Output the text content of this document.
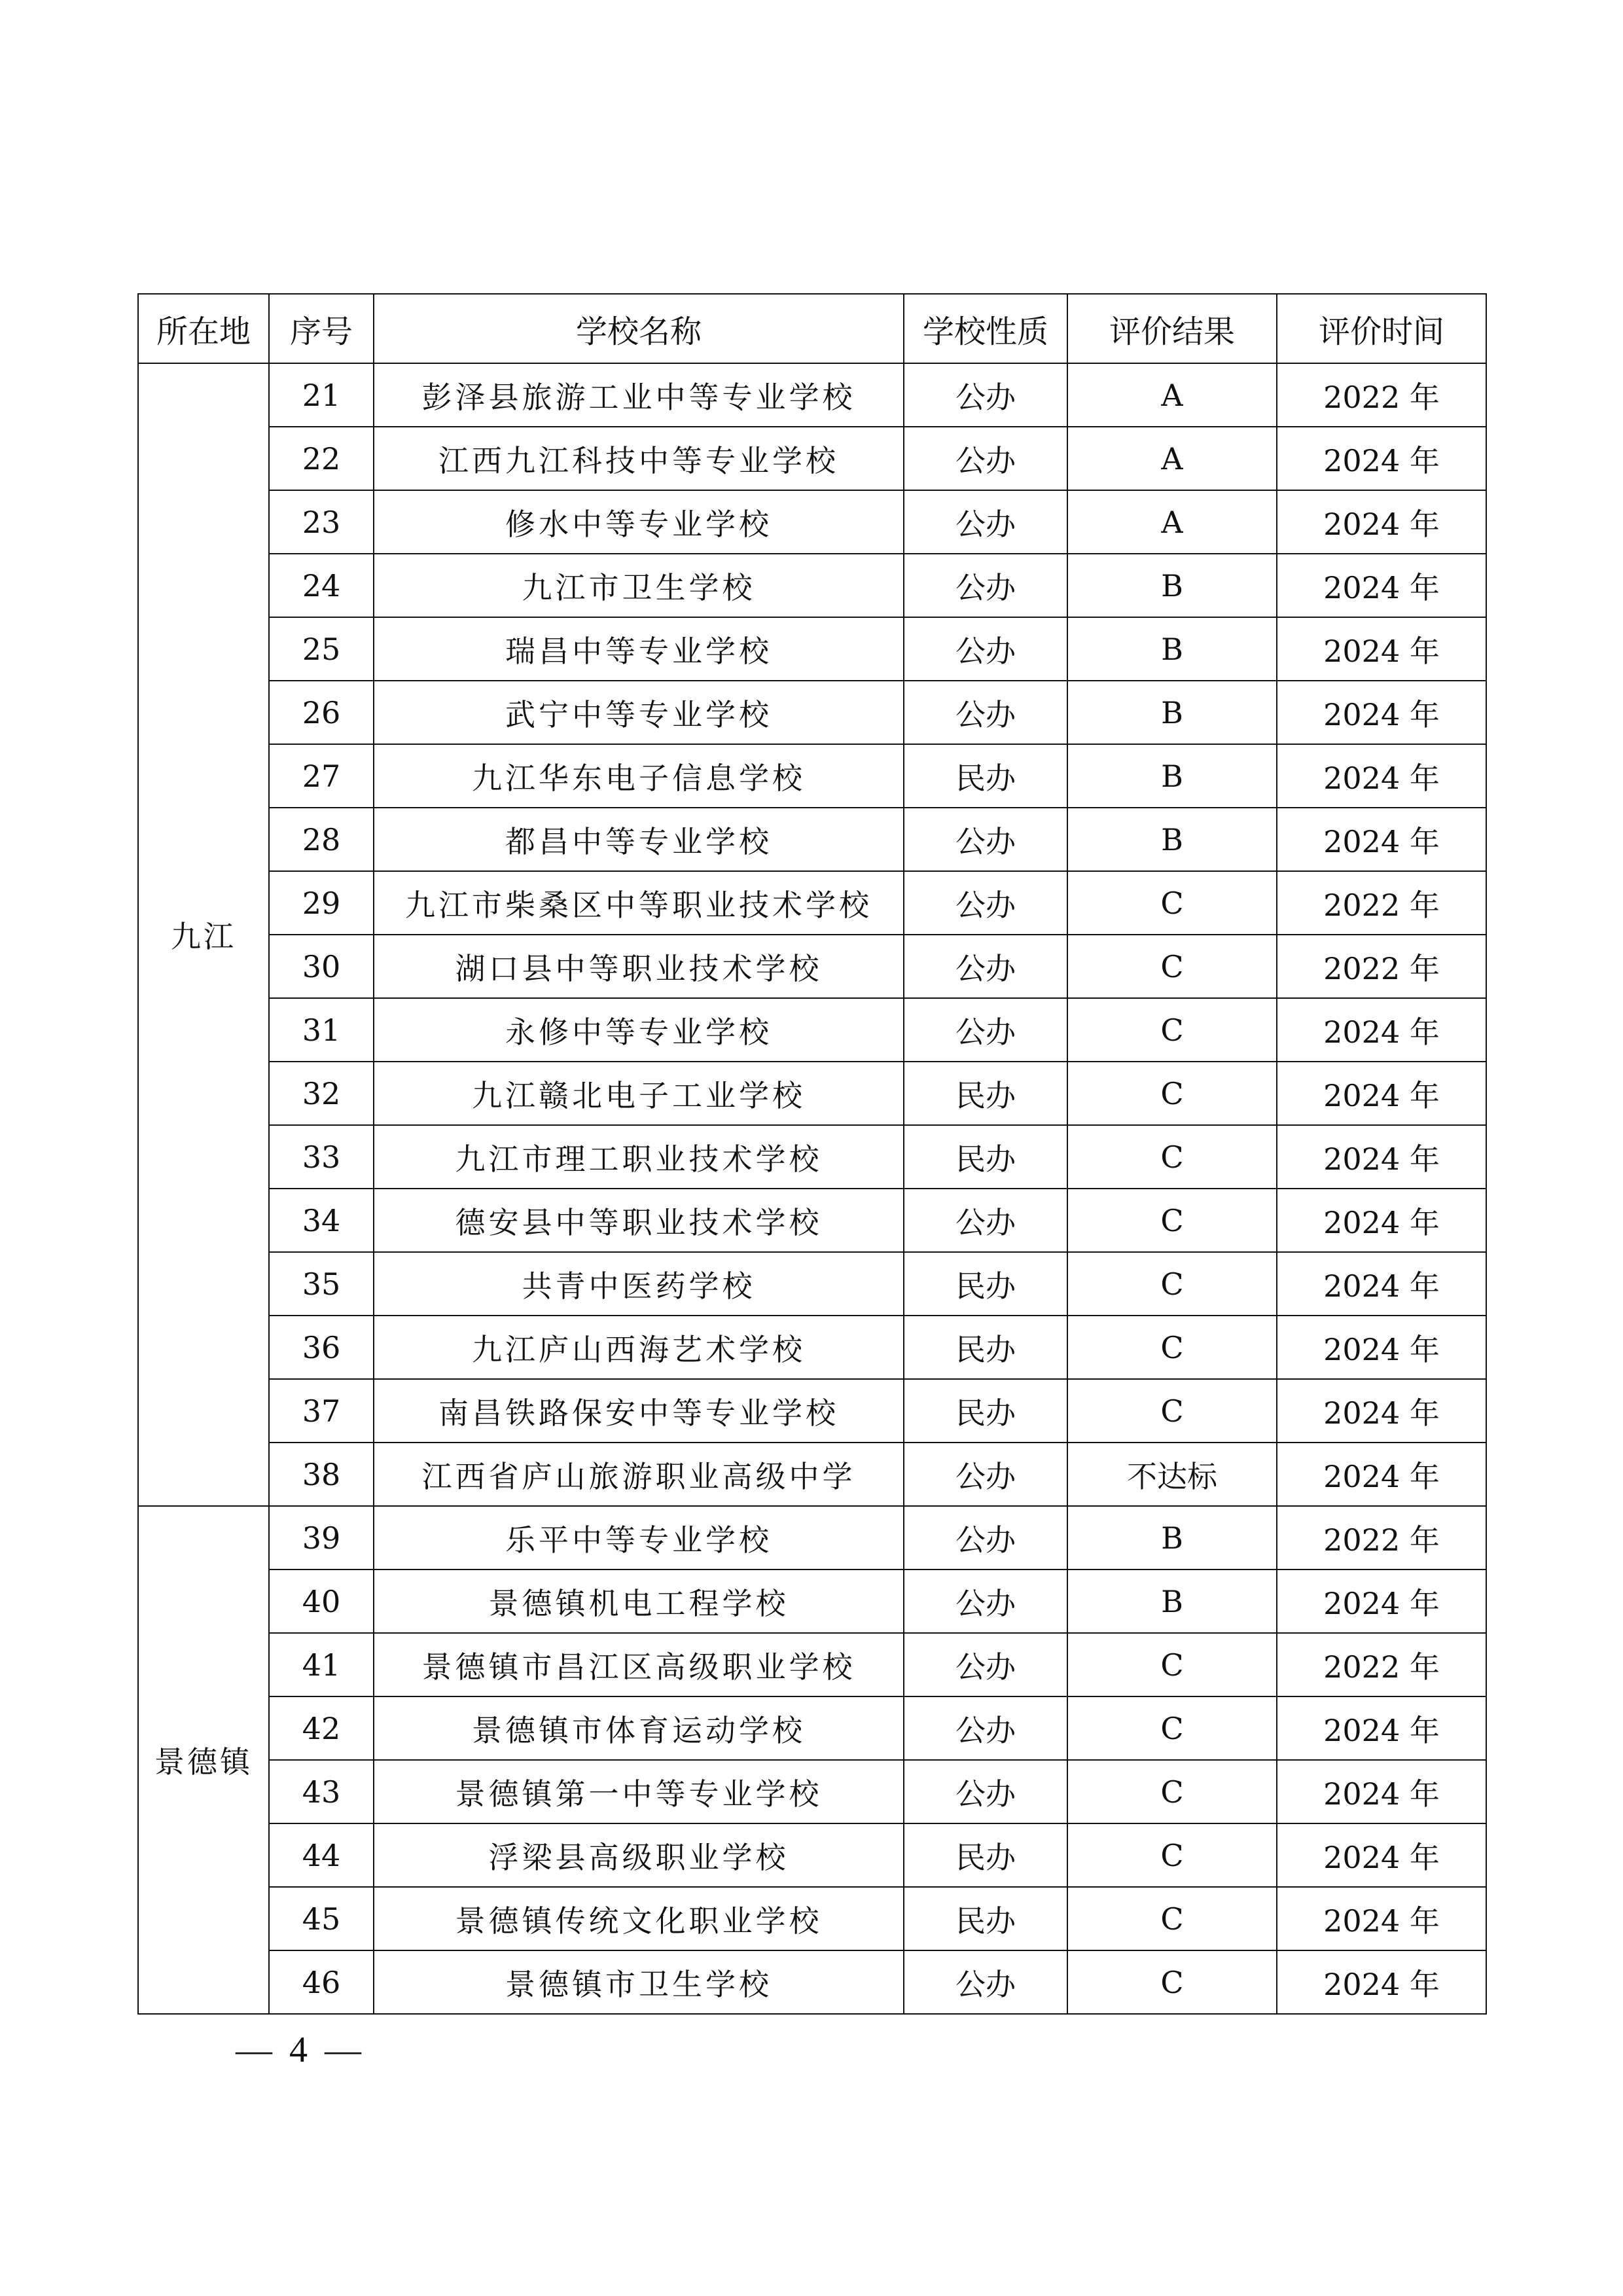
所在地	序号	学校名称	学校性质	评价结果	评价时间
九江	21	彭泽县旅游工业中等专业学校	公办	A	2022 年
	22	江西九江科技中等专业学校	公办	A	2024 年
	23	修水中等专业学校	公办	A	2024 年
	24	九江市卫生学校	公办	B	2024 年
	25	瑞昌中等专业学校	公办	B	2024 年
	26	武宁中等专业学校	公办	B	2024 年
	27	九江华东电子信息学校	民办	B	2024 年
	28	都昌中等专业学校	公办	B	2024 年
	29	九江市柴桑区中等职业技术学校	公办	C	2022 年
	30	湖口县中等职业技术学校	公办	C	2022 年
	31	永修中等专业学校	公办	C	2024 年
	32	九江赣北电子工业学校	民办	C	2024 年
	33	九江市理工职业技术学校	民办	C	2024 年
	34	德安县中等职业技术学校	公办	C	2024 年
	35	共青中医药学校	民办	C	2024 年
	36	九江庐山西海艺术学校	民办	C	2024 年
	37	南昌铁路保安中等专业学校	民办	C	2024 年
	38	江西省庐山旅游职业高级中学	公办	不达标	2024 年
景德镇	39	乐平中等专业学校	公办	B	2022 年
	40	景德镇机电工程学校	公办	B	2024 年
	41	景德镇市昌江区高级职业学校	公办	C	2022 年
	42	景德镇市体育运动学校	公办	C	2024 年
	43	景德镇第一中等专业学校	公办	C	2024 年
	44	浮梁县高级职业学校	民办	C	2024 年
	45	景德镇传统文化职业学校	民办	C	2024 年
	46	景德镇市卫生学校	公办	C	2024 年
— 4 —
